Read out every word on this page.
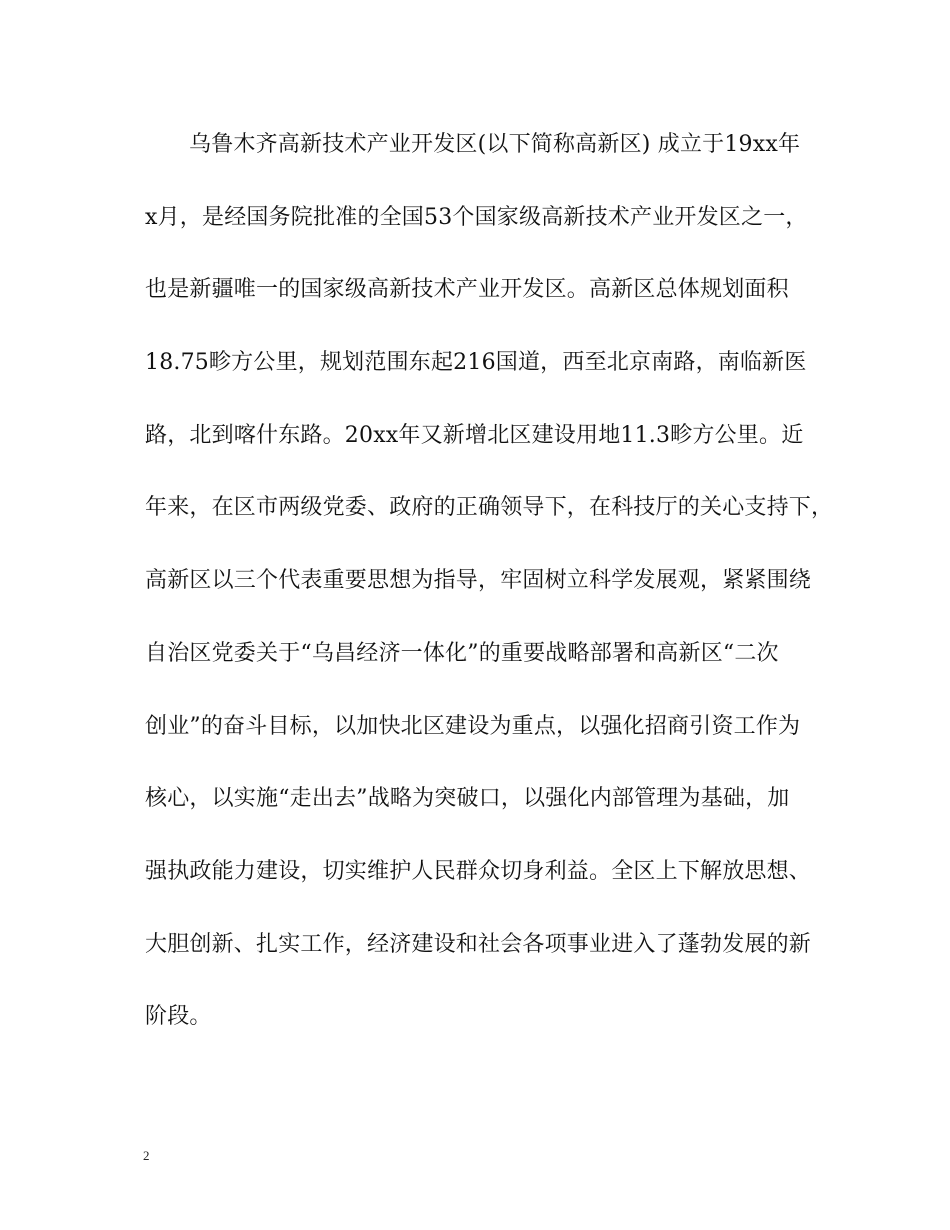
乌鲁木齐高新技术产业开发区(以下简称高新区) 成立于19xx年
x月，是经国务院批准的全国53个国家级高新技术产业开发区之一，
也是新疆唯一的国家级高新技术产业开发区。高新区总体规划面积
18.75畛方公里，规划范围东起216国道，西至北京南路，南临新医
路，北到喀什东路。20xx年又新增北区建设用地11.3畛方公里。近
年来，在区市两级党委、政府的正确领导下，在科技厅的关心支持下，
高新区以三个代表重要思想为指导，牢固树立科学发展观，紧紧围绕
自治区党委关于“乌昌经济一体化”的重要战略部署和高新区“二次
创业”的奋斗目标，以加快北区建设为重点，以强化招商引资工作为
核心，以实施“走出去”战略为突破口，以强化内部管理为基础，加
强执政能力建设，切实维护人民群众切身利益。全区上下解放思想、
大胆创新、扎实工作，经济建设和社会各项事业进入了蓬勃发展的新
阶段。
2
